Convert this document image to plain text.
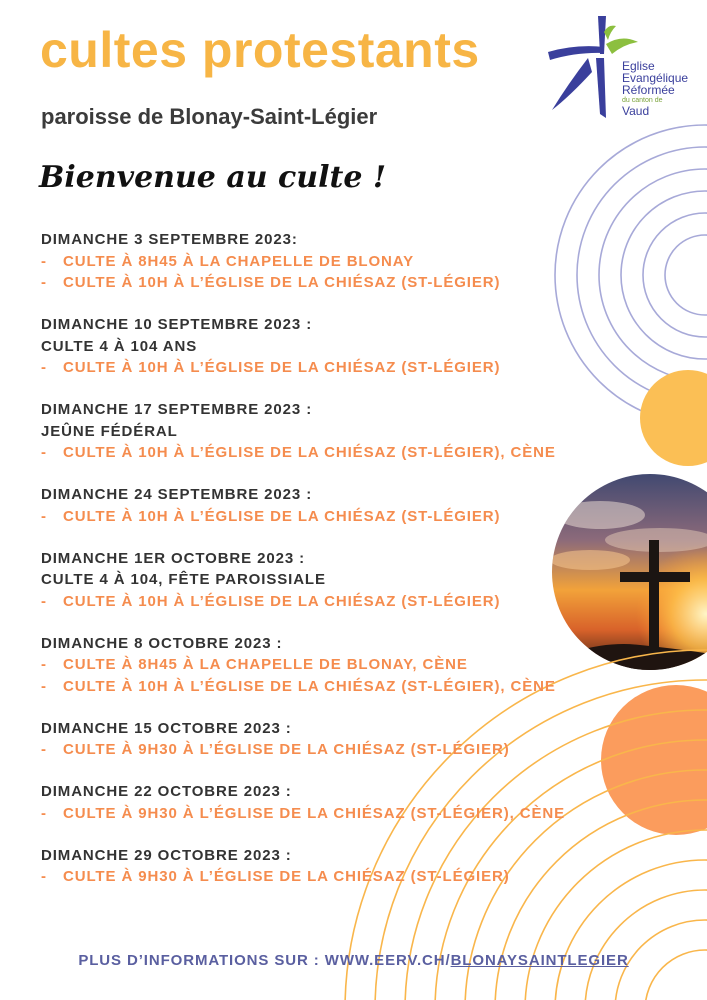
Eglise
Evangélique
Réformée
du canton de
Vaud
cultes protestants
paroisse de Blonay-Saint-Légier
Bienvenue au culte !
DIMANCHE 3 SEPTEMBRE 2023:
- CULTE À 8H45 À LA CHAPELLE DE BLONAY
- CULTE À 10H À L’ÉGLISE DE LA CHIÉSAZ (ST-LÉGIER)
DIMANCHE 10 SEPTEMBRE 2023 :
CULTE 4 À 104 ANS
- CULTE À 10H À L’ÉGLISE DE LA CHIÉSAZ (ST-LÉGIER)
DIMANCHE 17 SEPTEMBRE 2023 :
JEÛNE FÉDÉRAL
- CULTE À 10H À L’ÉGLISE DE LA CHIÉSAZ (ST-LÉGIER), CÈNE
DIMANCHE 24 SEPTEMBRE 2023 :
- CULTE À 10H À L’ÉGLISE DE LA CHIÉSAZ (ST-LÉGIER)
DIMANCHE 1ER OCTOBRE 2023 :
CULTE 4 À 104, FÊTE PAROISSIALE
- CULTE À 10H À L’ÉGLISE DE LA CHIÉSAZ (ST-LÉGIER)
DIMANCHE 8 OCTOBRE 2023 :
- CULTE À 8H45 À LA CHAPELLE DE BLONAY, CÈNE
- CULTE À 10H À L’ÉGLISE DE LA CHIÉSAZ (ST-LÉGIER), CÈNE
DIMANCHE 15 OCTOBRE 2023 :
- CULTE À 9H30 À L’ÉGLISE DE LA CHIÉSAZ (ST-LÉGIER)
DIMANCHE 22 OCTOBRE 2023 :
- CULTE À 9H30 À L’ÉGLISE DE LA CHIÉSAZ (ST-LÉGIER), CÈNE
DIMANCHE 29 OCTOBRE 2023 :
- CULTE À 9H30 À L’ÉGLISE DE LA CHIÉSAZ (ST-LÉGIER)

PLUS D’INFORMATIONS SUR : WWW.EERV.CH/BLONAYSAINTLEGIER
